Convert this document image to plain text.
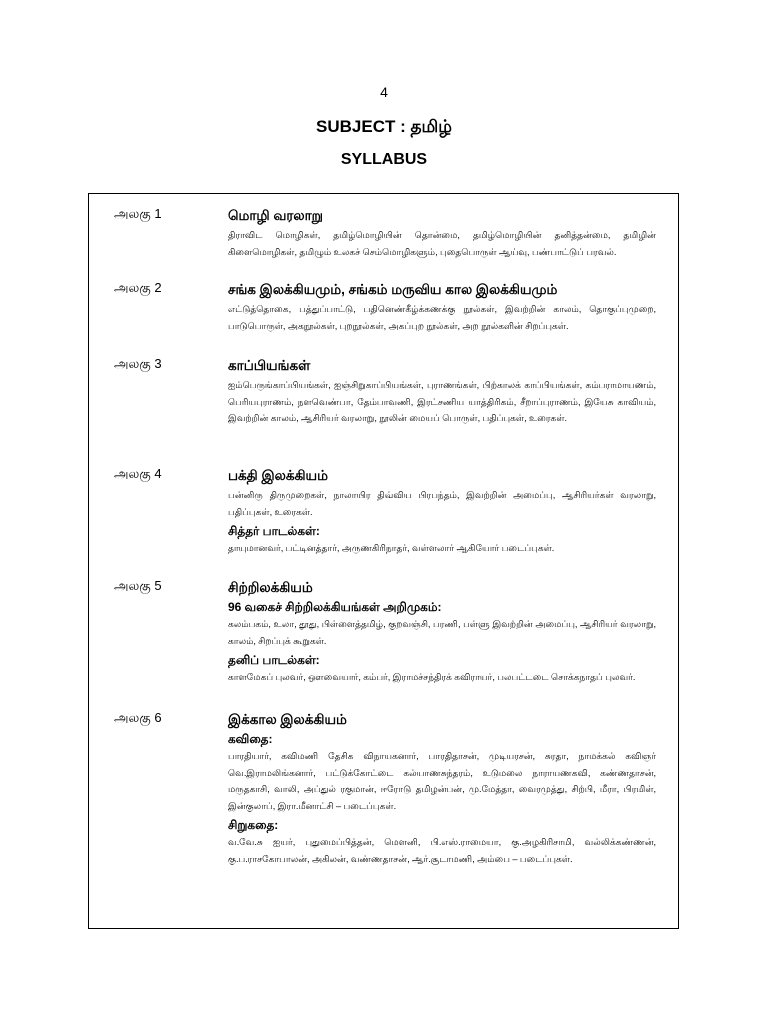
4
SUBJECT : தமிழ்
SYLLABUS
அலகு 1	மொழி வரலாறு

திராவிட மொழிகள், தமிழ்மொழியின் தொன்மை, தமிழ்மொழியின் தனித்தன்மை, தமிழின் கிளைமொழிகள், தமிழும் உலகச் செம்மொழிகளும், புதைபொருள் ஆய்வு, பண்பாட்டுப் பரவல்.

அலகு 2	சங்க இலக்கியமும், சங்கம் மருவிய கால இலக்கியமும்

எட்டுத்தொகை, பத்துப்பாட்டு, பதினெண்கீழ்க்கணக்கு நூல்கள், இவற்றின் காலம், தொகுப்புமுறை, பாடுபொருள், அகநூல்கள், புறநூல்கள், அகப்புற நூல்கள், அற நூல்களின் சிறப்புகள்.

அலகு 3	காப்பியங்கள்

ஐம்பெருங்காப்பியங்கள், ஐஞ்சிறுகாப்பியங்கள், புராணங்கள், பிற்காலக் காப்பியங்கள், கம்பராமாயணம், பெரியபுராணம், நளவெண்பா, தேம்பாவணி, இரட்சணிய யாத்திரிகம், சீறாப்புராணம், இயேசு காவியம், இவற்றின் காலம், ஆசிரியர் வரலாறு, நூலின் மையப் பொருள், பதிப்புகள், உரைகள்.

அலகு 4	பக்தி இலக்கியம்

பன்னிரு திருமுறைகள், நாலாயிர திவ்விய பிரபந்தம், இவற்றின் அமைப்பு, ஆசிரியர்கள் வரலாறு, பதிப்புகள், உரைகள்.

சித்தர் பாடல்கள்:

தாயுமானவர், பட்டினத்தார், அருணகிரிநாதர், வள்ளலார் ஆகியோர் படைப்புகள்.

அலகு 5	சிற்றிலக்கியம்
96 வகைச் சிற்றிலக்கியங்கள் அறிமுகம்:

கலம்பகம், உலா, தூது, பிள்ளைத்தமிழ், குறவஞ்சி, பரணி, பள்ளு இவற்றின் அமைப்பு, ஆசிரியர் வரலாறு, காலம், சிறப்புக் கூறுகள்.

தனிப் பாடல்கள்:

காளமேகப் புலவர், ஔவையார், கம்பர், இராமச்சந்திரக் கவிராயர், பலபட்டடை சொக்கநாதப் புலவர்.

அலகு 6	இக்கால இலக்கியம்
கவிதை:

பாரதியார், கவிமணி தேசிக விநாயகனார், பாரதிதாசன், முடியரசன், சுரதா, நாமக்கல் கவிஞர் வெ.இராமலிங்கனார், பட்டுக்கோட்டை கல்யாணசுந்தரம், உடுமலை நாராயணகவி, கண்ணதாசன், மருதகாசி, வாலி, அப்துல் ரகுமான், ஈரோடு தமிழன்பன், மு.மேத்தா, வைரமுத்து, சிற்பி, மீரா, பிரமிள், இன்குலாப், இரா.மீனாட்சி – படைப்புகள்.

சிறுகதை:

வ.வே.சு ஐயர், புதுமைப்பித்தன், மௌனி, பி.எஸ்.ராமையா, கு.அழகிரிசாமி, வல்லிக்கண்ணன், கு.ப.ராசகோபாலன், அகிலன், வண்ணதாசன், ஆர்.சூடாமணி, அம்பை – படைப்புகள்.
